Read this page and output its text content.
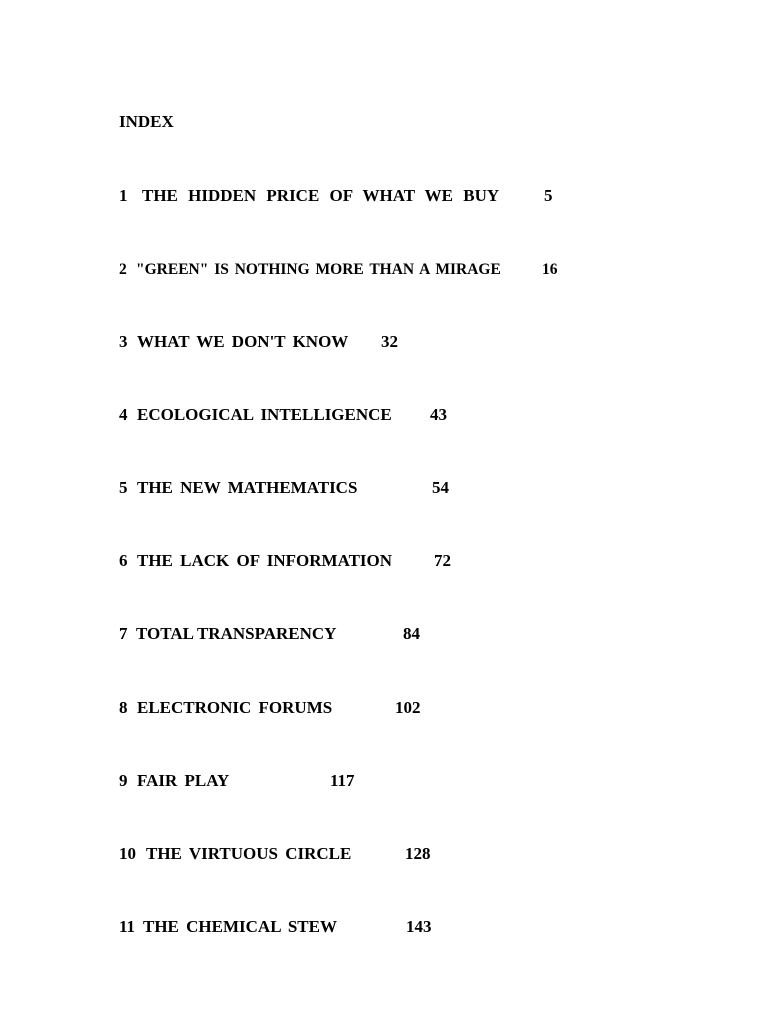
INDEX
1 THE HIDDEN PRICE OF WHAT WE BUY	5
2 "GREEN" IS NOTHING MORE THAN A MIRAGE	16
3 WHAT WE DON'T KNOW 32
4 ECOLOGICAL INTELLIGENCE 43
5 THE NEW MATHEMATICS	54
6 THE LACK OF INFORMATION 72
7 TOTAL TRANSPARENCY	84
8 ELECTRONIC FORUMS	102
9 FAIR PLAY	117
10 THE VIRTUOUS CIRCLE	128
11 THE CHEMICAL STEW	143
